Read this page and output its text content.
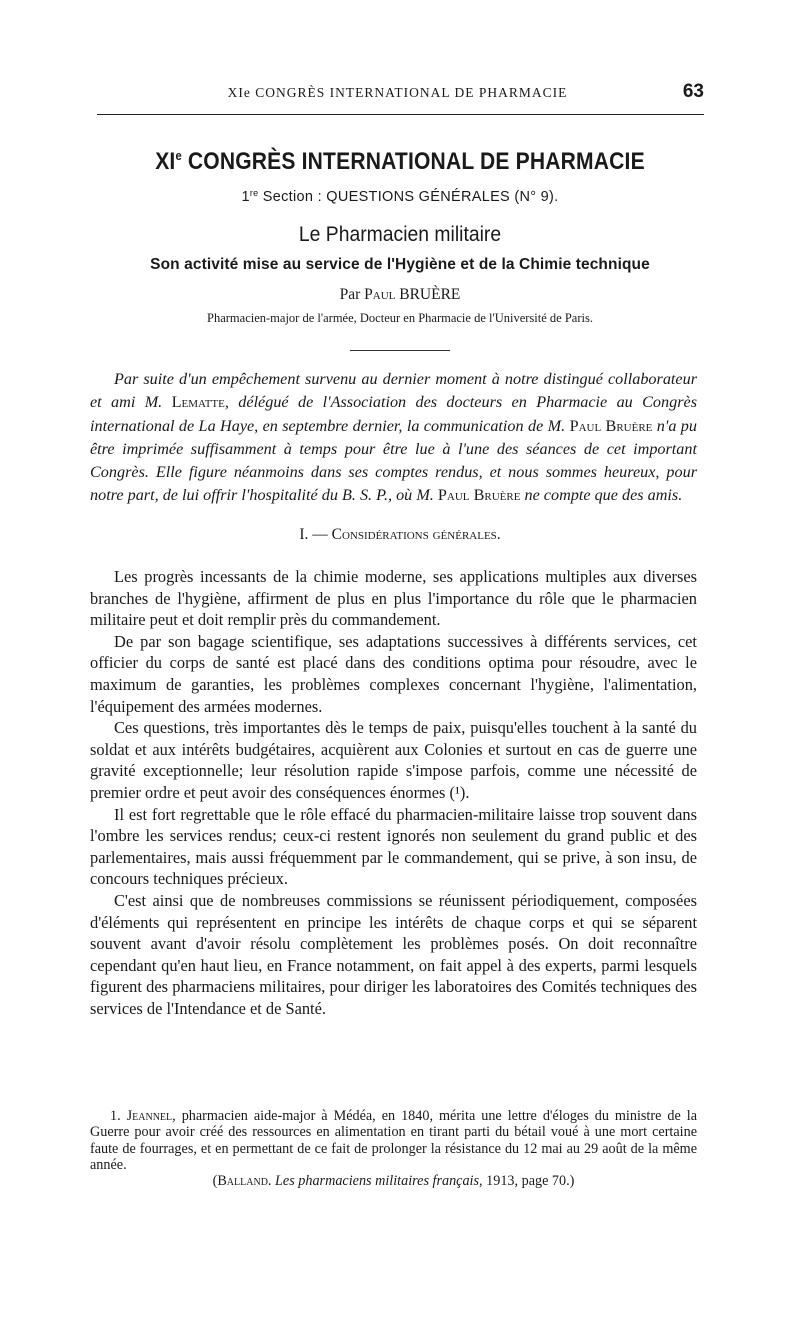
XIe CONGRÈS INTERNATIONAL DE PHARMACIE	63
XIe CONGRÈS INTERNATIONAL DE PHARMACIE
1re Section : QUESTIONS GÉNÉRALES (N° 9).
Le Pharmacien militaire
Son activité mise au service de l'Hygiène et de la Chimie technique
Par Paul BRUÈRE
Pharmacien-major de l'armée, Docteur en Pharmacie de l'Université de Paris.
Par suite d'un empêchement survenu au dernier moment à notre distingué collaborateur et ami M. Lematte, délégué de l'Association des docteurs en Pharmacie au Congrès international de La Haye, en septembre dernier, la communication de M. Paul Bruère n'a pu être imprimée suffisamment à temps pour être lue à l'une des séances de cet important Congrès. Elle figure néanmoins dans ses comptes rendus, et nous sommes heureux, pour notre part, de lui offrir l'hospitalité du B. S. P., où M. Paul Bruère ne compte que des amis.
I. — Considérations générales.

Les progrès incessants de la chimie moderne, ses applications multiples aux diverses branches de l'hygiène, affirment de plus en plus l'importance du rôle que le pharmacien militaire peut et doit remplir près du commandement.

De par son bagage scientifique, ses adaptations successives à différents services, cet officier du corps de santé est placé dans des conditions optima pour résoudre, avec le maximum de garanties, les problèmes complexes concernant l'hygiène, l'alimentation, l'équipement des armées modernes.

Ces questions, très importantes dès le temps de paix, puisqu'elles touchent à la santé du soldat et aux intérêts budgétaires, acquièrent aux Colonies et surtout en cas de guerre une gravité exceptionnelle; leur résolution rapide s'impose parfois, comme une nécessité de premier ordre et peut avoir des conséquences énormes (¹).

Il est fort regrettable que le rôle effacé du pharmacien-militaire laisse trop souvent dans l'ombre les services rendus; ceux-ci restent ignorés non seulement du grand public et des parlementaires, mais aussi fréquemment par le commandement, qui se prive, à son insu, de concours techniques précieux.

C'est ainsi que de nombreuses commissions se réunissent périodiquement, composées d'éléments qui représentent en principe les intérêts de chaque corps et qui se séparent souvent avant d'avoir résolu complètement les problèmes posés. On doit reconnaître cependant qu'en haut lieu, en France notamment, on fait appel à des experts, parmi lesquels figurent des pharmaciens militaires, pour diriger les laboratoires des Comités techniques des services de l'Intendance et de Santé.

1. Jeannel, pharmacien aide-major à Médéa, en 1840, mérita une lettre d'éloges du ministre de la Guerre pour avoir créé des ressources en alimentation en tirant parti du bétail voué à une mort certaine faute de fourrages, et en permettant de ce fait de prolonger la résistance du 12 mai au 29 août de la même année.
(Balland. Les pharmaciens militaires français, 1913, page 70.)
